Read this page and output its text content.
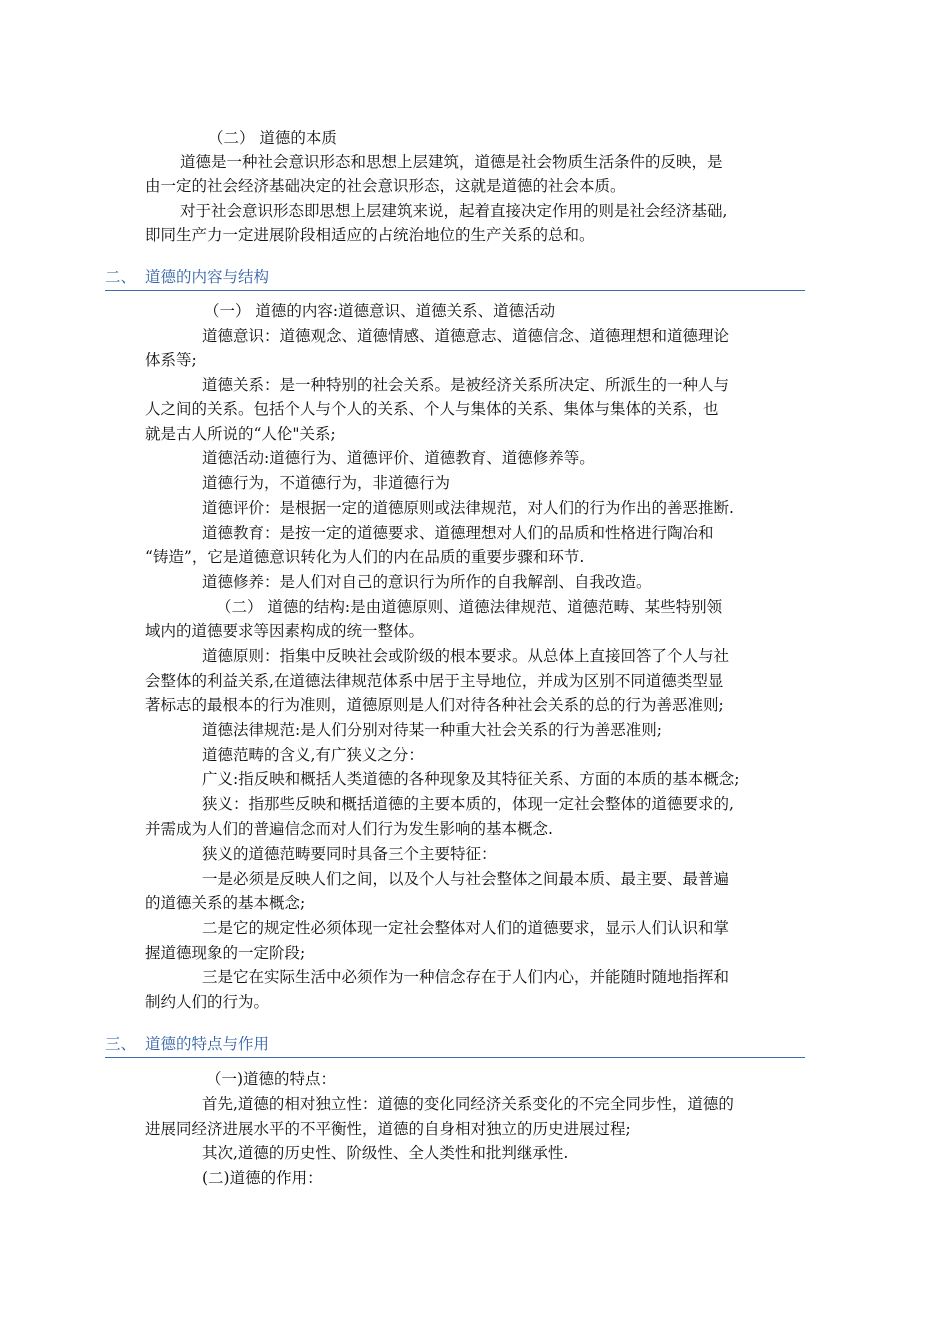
（二） 道德的本质
道德是一种社会意识形态和思想上层建筑，道德是社会物质生活条件的反映，是
由一定的社会经济基础决定的社会意识形态，这就是道德的社会本质。
对于社会意识形态即思想上层建筑来说，起着直接决定作用的则是社会经济基础,
即同生产力一定进展阶段相适应的占统治地位的生产关系的总和。
二、 道德的内容与结构
（一） 道德的内容:道德意识、道德关系、道德活动
道德意识：道德观念、道德情感、道德意志、道德信念、道德理想和道德理论
体系等;
道德关系：是一种特别的社会关系。是被经济关系所决定、所派生的一种人与
人之间的关系。包括个人与个人的关系、个人与集体的关系、集体与集体的关系，也
就是古人所说的“人伦"关系;
道德活动:道德行为、道德评价、道德教育、道德修养等。
道德行为，不道德行为，非道德行为
道德评价：是根据一定的道德原则或法律规范，对人们的行为作出的善恶推断.
道德教育：是按一定的道德要求、道德理想对人们的品质和性格进行陶冶和
“铸造”，它是道德意识转化为人们的内在品质的重要步骤和环节.
道德修养：是人们对自己的意识行为所作的自我解剖、自我改造。
（二） 道德的结构:是由道德原则、道德法律规范、道德范畴、某些特别领
域内的道德要求等因素构成的统一整体。
道德原则：指集中反映社会或阶级的根本要求。从总体上直接回答了个人与社
会整体的利益关系,在道德法律规范体系中居于主导地位，并成为区别不同道德类型显
著标志的最根本的行为准则，道德原则是人们对待各种社会关系的总的行为善恶准则;
道德法律规范:是人们分别对待某一种重大社会关系的行为善恶准则;
道德范畴的含义,有广狭义之分：
广义:指反映和概括人类道德的各种现象及其特征关系、方面的本质的基本概念;
狭义：指那些反映和概括道德的主要本质的，体现一定社会整体的道德要求的,
并需成为人们的普遍信念而对人们行为发生影响的基本概念.
狭义的道德范畴要同时具备三个主要特征：
一是必须是反映人们之间，以及个人与社会整体之间最本质、最主要、最普遍
的道德关系的基本概念;
二是它的规定性必须体现一定社会整体对人们的道德要求，显示人们认识和掌
握道德现象的一定阶段;
三是它在实际生活中必须作为一种信念存在于人们内心，并能随时随地指挥和
制约人们的行为。
三、 道德的特点与作用
（一)道德的特点：
首先,道德的相对独立性：道德的变化同经济关系变化的不完全同步性，道德的
进展同经济进展水平的不平衡性，道德的自身相对独立的历史进展过程;
其次,道德的历史性、阶级性、全人类性和批判继承性.
(二)道德的作用：
